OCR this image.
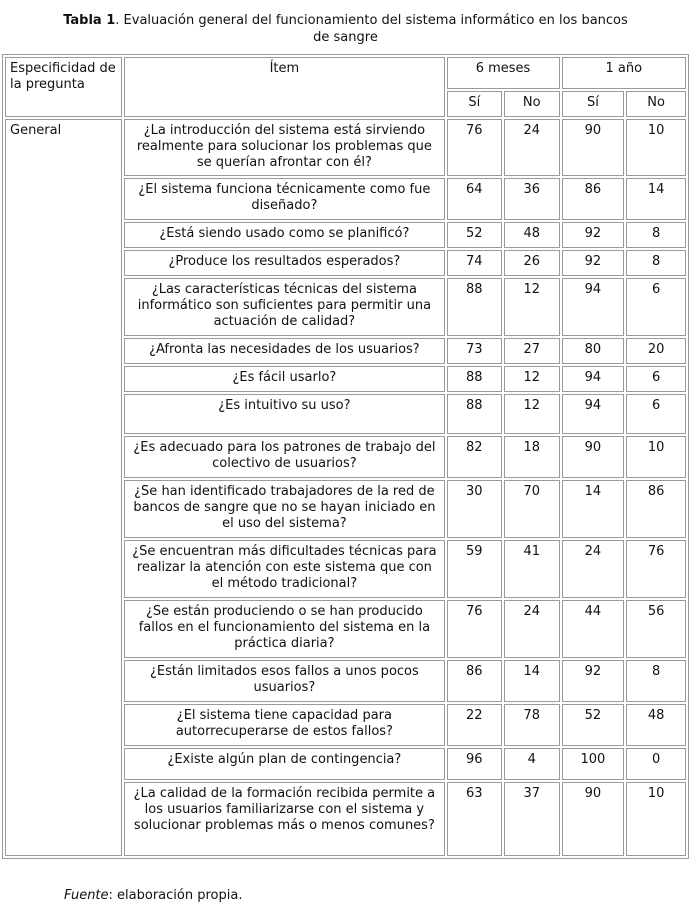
Tabla 1. Evaluación general del funcionamiento del sistema informático en los bancos de sangre
Especificidad de la pregunta	Ítem	6 meses		1 año	
		Sí	No	Sí	No
General	¿La introducción del sistema está sirviendo realmente para solucionar los problemas que se querían afrontar con él?	76	24	90	10
	¿El sistema funciona técnicamente como fue diseñado?	64	36	86	14
	¿Está siendo usado como se planificó?	52	48	92	8
	¿Produce los resultados esperados?	74	26	92	8
	¿Las características técnicas del sistema informático son suficientes para permitir una actuación de calidad?	88	12	94	6
	¿Afronta las necesidades de los usuarios?	73	27	80	20
	¿Es fácil usarlo?	88	12	94	6
	¿Es intuitivo su uso?	88	12	94	6
	¿Es adecuado para los patrones de trabajo del colectivo de usuarios?	82	18	90	10
	¿Se han identificado trabajadores de la red de bancos de sangre que no se hayan iniciado en el uso del sistema?	30	70	14	86
	¿Se encuentran más dificultades técnicas para realizar la atención con este sistema que con el método tradicional?	59	41	24	76
	¿Se están produciendo o se han producido fallos en el funcionamiento del sistema en la práctica diaria?	76	24	44	56
	¿Están limitados esos fallos a unos pocos usuarios?	86	14	92	8
	¿El sistema tiene capacidad para autorrecuperarse de estos fallos?	22	78	52	48
	¿Existe algún plan de contingencia?	96	4	100	0
	¿La calidad de la formación recibida permite a los usuarios familiarizarse con el sistema y solucionar problemas más o menos comunes?	63	37	90	10
Fuente: elaboración propia.
